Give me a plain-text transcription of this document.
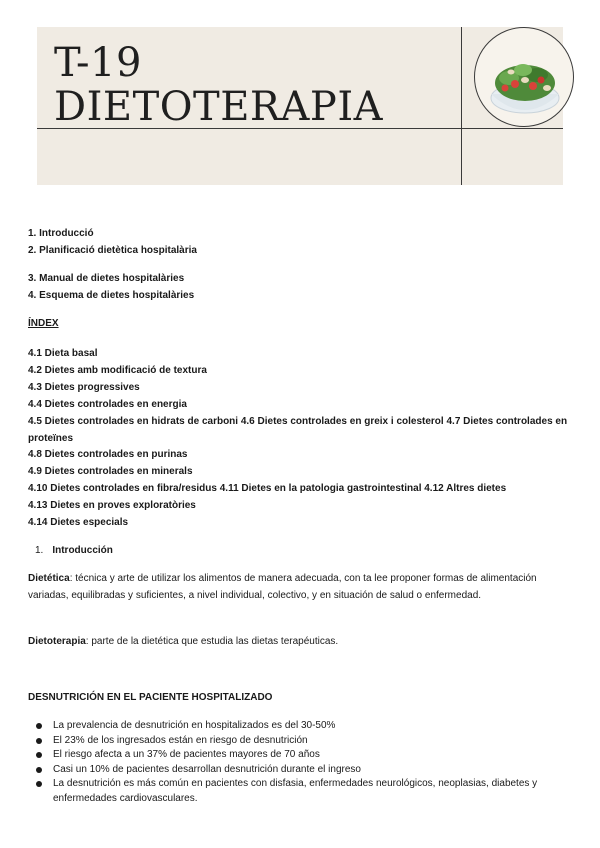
T-19
DIETOTERAPIA
1. Introducció
2. Planificació dietètica hospitalària
3. Manual de dietes hospitalàries
4. Esquema de dietes hospitalàries
ÍNDEX
4.1 Dieta basal
4.2 Dietes amb modificació de textura
4.3 Dietes progressives
4.4 Dietes controlades en energia
4.5 Dietes controlades en hidrats de carboni 4.6 Dietes controlades en greix i colesterol 4.7 Dietes controlades en proteïnes
4.8 Dietes controlades en purinas
4.9 Dietes controlades en minerals
4.10 Dietes controlades en fibra/residus 4.11 Dietes en la patologia gastrointestinal 4.12 Altres dietes
4.13 Dietes en proves exploratòries
4.14 Dietes especials
1. Introducción
Dietética: técnica y arte de utilizar los alimentos de manera adecuada, con ta lee proponer formas de alimentación variadas, equilibradas y suficientes, a nivel individual, colectivo, y en situación de salud o enfermedad.
Dietoterapia: parte de la dietética que estudia las dietas terapéuticas.
DESNUTRICIÓN EN EL PACIENTE HOSPITALIZADO
La prevalencia de desnutrición en hospitalizados es del 30-50%
El 23% de los ingresados están en riesgo de desnutrición
El riesgo afecta a un 37% de pacientes mayores de 70 años
Casi un 10% de pacientes desarrollan desnutrición durante el ingreso
La desnutrición es más común en pacientes con disfasia, enfermedades neurológicos, neoplasias, diabetes y enfermedades cardiovasculares.
